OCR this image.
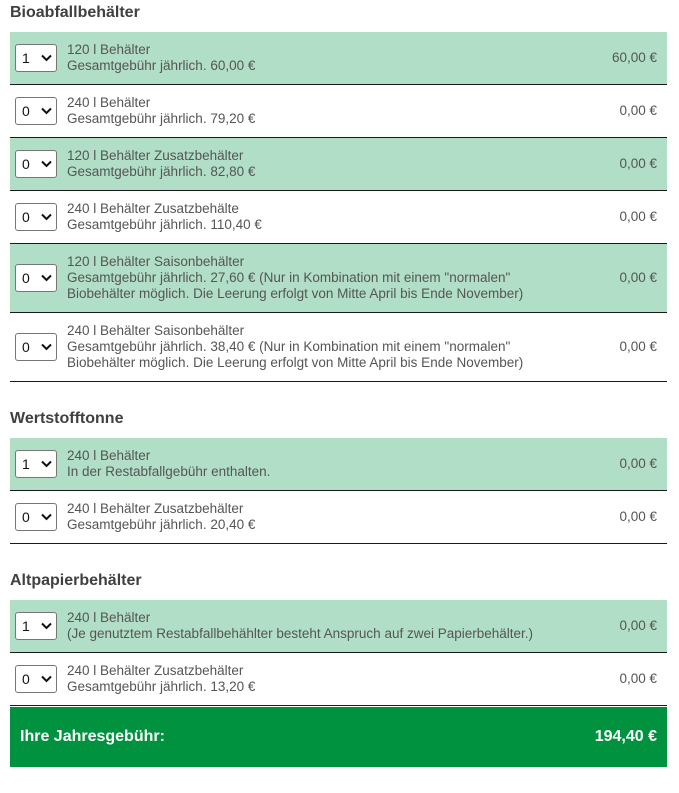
Bioabfallbehälter
1
120 l Behälter
Gesamtgebühr jährlich. 60,00 €
60,00 €
0
240 l Behälter
Gesamtgebühr jährlich. 79,20 €
0,00 €
0
120 l Behälter Zusatzbehälter
Gesamtgebühr jährlich. 82,80 €
0,00 €
0
240 l Behälter Zusatzbehälte
Gesamtgebühr jährlich. 110,40 €
0,00 €
0
120 l Behälter Saisonbehälter
Gesamtgebühr jährlich. 27,60 € (Nur in Kombination mit einem "normalen" Biobehälter möglich. Die Leerung erfolgt von Mitte April bis Ende November)
0,00 €
0
240 l Behälter Saisonbehälter
Gesamtgebühr jährlich. 38,40 € (Nur in Kombination mit einem "normalen" Biobehälter möglich. Die Leerung erfolgt von Mitte April bis Ende November)
0,00 €
Wertstofftonne
1
240 l Behälter
In der Restabfallgebühr enthalten.
0,00 €
0
240 l Behälter Zusatzbehälter
Gesamtgebühr jährlich. 20,40 €
0,00 €
Altpapierbehälter
1
240 l Behälter
(Je genutztem Restabfallbehählter besteht Anspruch auf zwei Papierbehälter.)
0,00 €
0
240 l Behälter Zusatzbehälter
Gesamtgebühr jährlich. 13,20 €
0,00 €
Ihre Jahresgebühr:	194,40 €
